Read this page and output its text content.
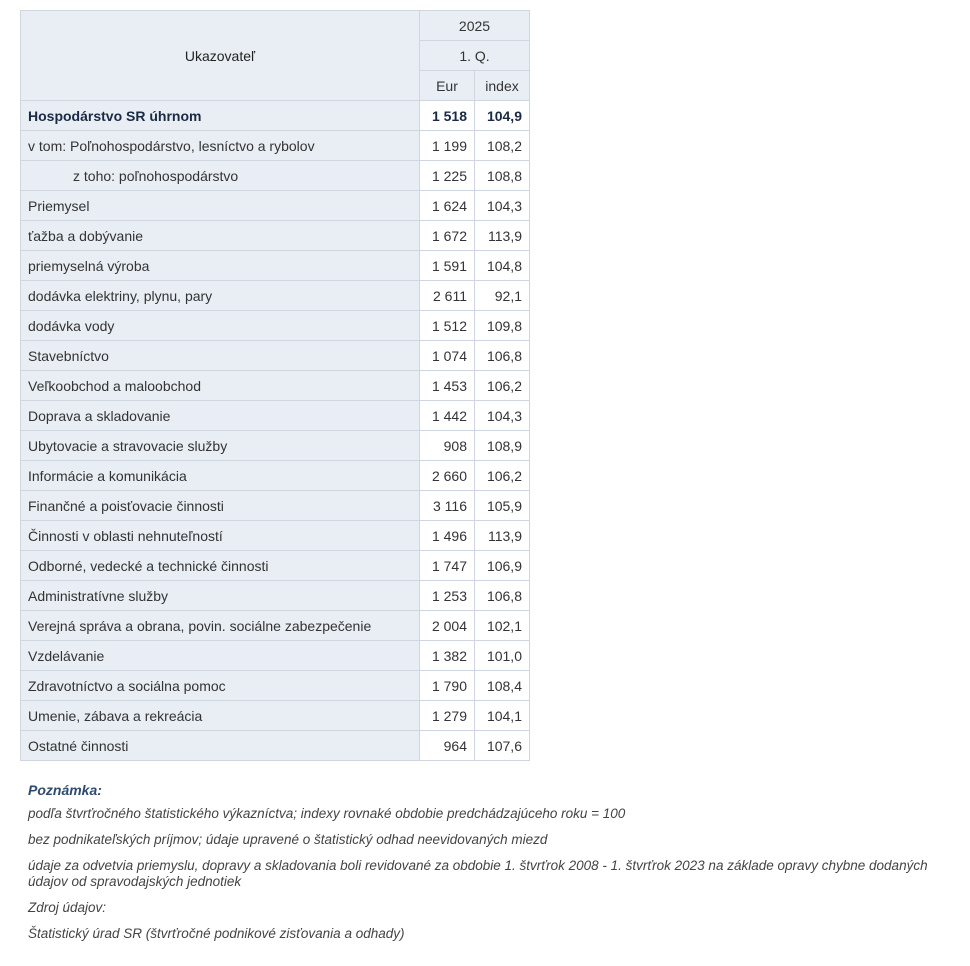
Ukazovateľ	2025	
	1. Q.	
	Eur	index
Hospodárstvo SR úhrnom	1 518	104,9
v tom: Poľnohospodárstvo, lesníctvo a rybolov	1 199	108,2
z toho: poľnohospodárstvo	1 225	108,8
Priemysel	1 624	104,3
ťažba a dobývanie	1 672	113,9
priemyselná výroba	1 591	104,8
dodávka elektriny, plynu, pary	2 611	92,1
dodávka vody	1 512	109,8
Stavebníctvo	1 074	106,8
Veľkoobchod a maloobchod	1 453	106,2
Doprava a skladovanie	1 442	104,3
Ubytovacie a stravovacie služby	908	108,9
Informácie a komunikácia	2 660	106,2
Finančné a poisťovacie činnosti	3 116	105,9
Činnosti v oblasti nehnuteľností	1 496	113,9
Odborné, vedecké a technické činnosti	1 747	106,9
Administratívne služby	1 253	106,8
Verejná správa a obrana, povin. sociálne zabezpečenie	2 004	102,1
Vzdelávanie	1 382	101,0
Zdravotníctvo a sociálna pomoc	1 790	108,4
Umenie, zábava a rekreácia	1 279	104,1
Ostatné činnosti	964	107,6
Poznámka:

podľa štvrťročného štatistického výkazníctva; indexy rovnaké obdobie predchádzajúceho roku = 100

bez podnikateľských príjmov; údaje upravené o štatistický odhad neevidovaných miezd

údaje za odvetvia priemyslu, dopravy a skladovania boli revidované za obdobie 1. štvrťrok 2008 - 1. štvrťrok 2023 na základe opravy chybne dodaných údajov od spravodajských jednotiek

Zdroj údajov:

Štatistický úrad SR (štvrťročné podnikové zisťovania a odhady)
